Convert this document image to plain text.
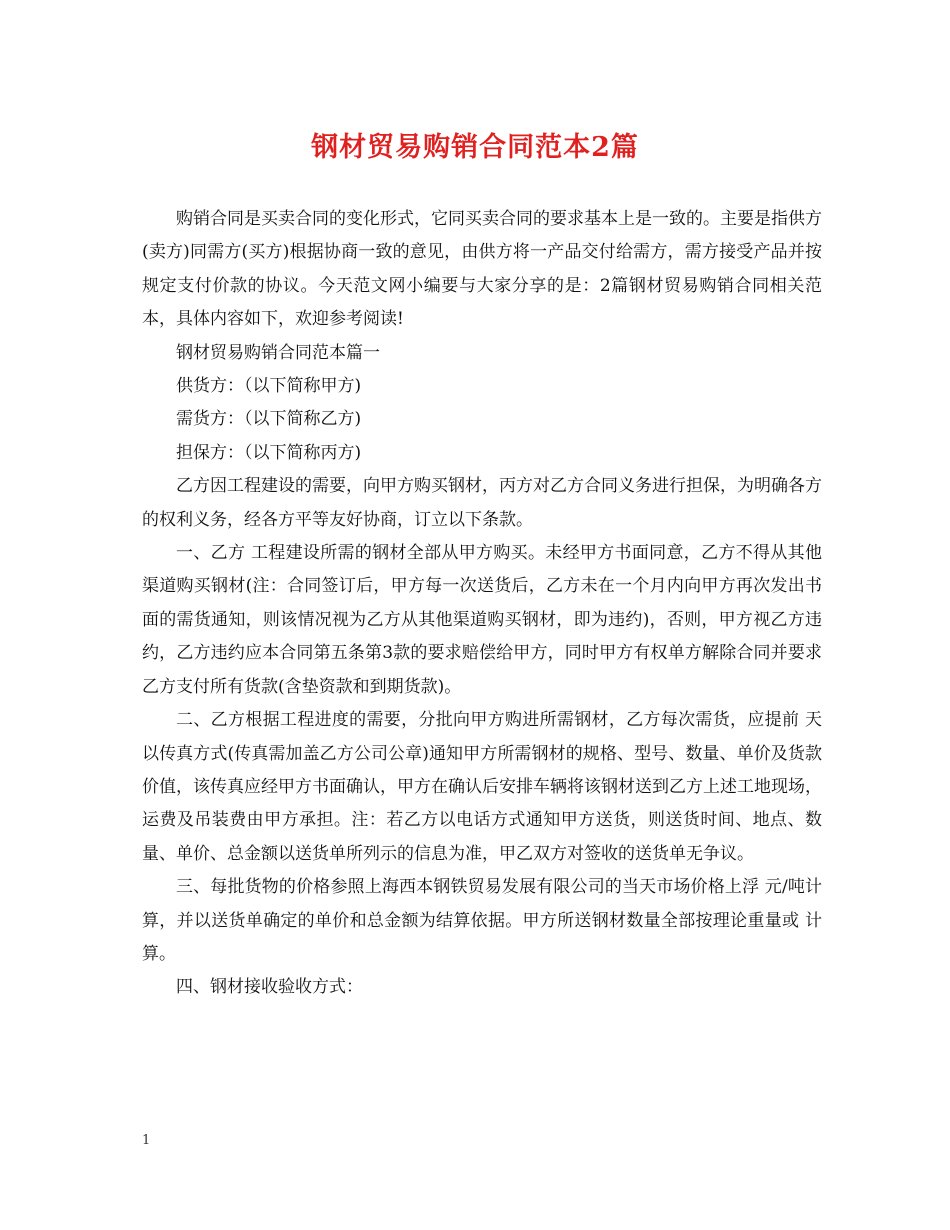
钢材贸易购销合同范本2篇

购销合同是买卖合同的变化形式，它同买卖合同的要求基本上是一致的。主要是指供方(卖方)同需方(买方)根据协商一致的意见，由供方将一产品交付给需方，需方接受产品并按规定支付价款的协议。今天范文网小编要与大家分享的是：2篇钢材贸易购销合同相关范本，具体内容如下，欢迎参考阅读!

钢材贸易购销合同范本篇一

供货方：（以下简称甲方)

需货方：（以下简称乙方)

担保方：（以下简称丙方)

乙方因工程建设的需要，向甲方购买钢材，丙方对乙方合同义务进行担保，为明确各方的权利义务，经各方平等友好协商，订立以下条款。

一、乙方 工程建设所需的钢材全部从甲方购买。未经甲方书面同意，乙方不得从其他渠道购买钢材(注：合同签订后，甲方每一次送货后，乙方未在一个月内向甲方再次发出书面的需货通知，则该情况视为乙方从其他渠道购买钢材，即为违约)，否则，甲方视乙方违约，乙方违约应本合同第五条第3款的要求赔偿给甲方，同时甲方有权单方解除合同并要求乙方支付所有货款(含垫资款和到期货款)。

二、乙方根据工程进度的需要，分批向甲方购进所需钢材，乙方每次需货，应提前 天以传真方式(传真需加盖乙方公司公章)通知甲方所需钢材的规格、型号、数量、单价及货款价值，该传真应经甲方书面确认，甲方在确认后安排车辆将该钢材送到乙方上述工地现场，运费及吊装费由甲方承担。注：若乙方以电话方式通知甲方送货，则送货时间、地点、数量、单价、总金额以送货单所列示的信息为准，甲乙双方对签收的送货单无争议。

三、每批货物的价格参照上海西本钢铁贸易发展有限公司的当天市场价格上浮 元/吨计算，并以送货单确定的单价和总金额为结算依据。甲方所送钢材数量全部按理论重量或 计算。

四、钢材接收验收方式：

1
